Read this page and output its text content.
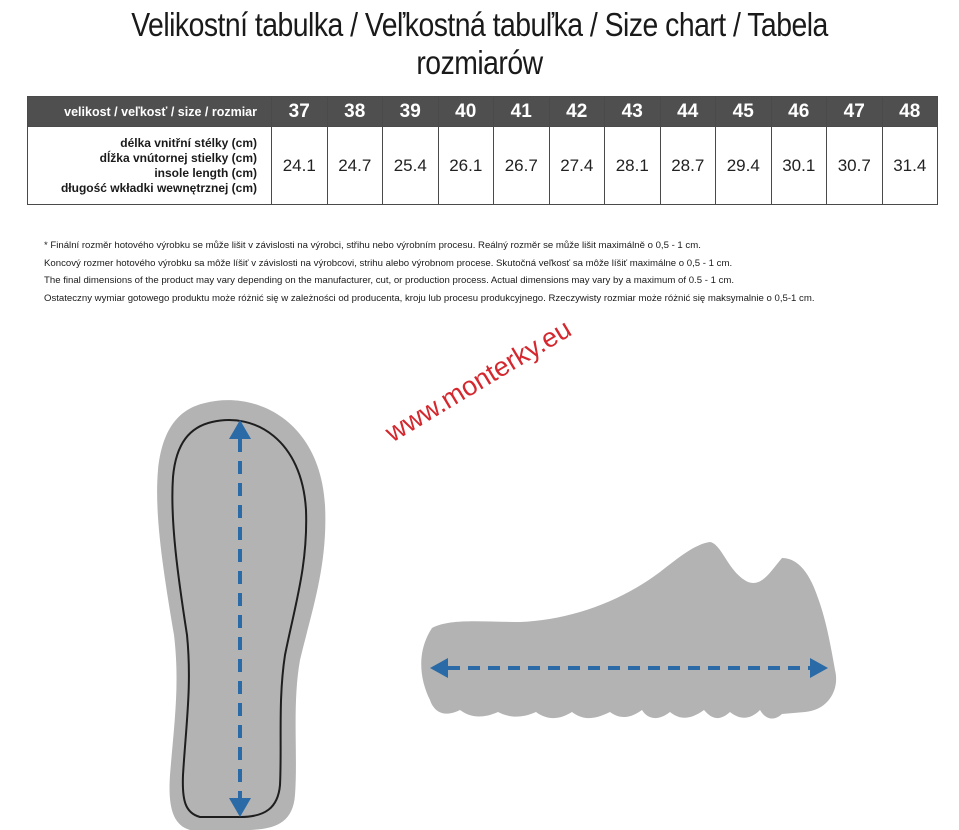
Velikostní tabulka / Veľkostná tabuľka / Size chart / Tabela rozmiarów
velikost / veľkosť / size / rozmiar	37	38	39	40	41	42	43	44	45	46	47	48

délka vnitřní stélky (cm)
dĺžka vnútornej stielky (cm)
insole length (cm)
długość wkładki wewnętrznej (cm)	24.1	24.7	25.4	26.1	26.7	27.4	28.1	28.7	29.4	30.1	30.7	31.4
* Finální rozměr hotového výrobku se může lišit v závislosti na výrobci, střihu nebo výrobním procesu. Reálný rozměr se může lišit maximálně o 0,5 - 1 cm.
Koncový rozmer hotového výrobku sa môže líšiť v závislosti na výrobcovi, strihu alebo výrobnom procese. Skutočná veľkosť sa môže líšiť maximálne o 0,5 - 1 cm.
The final dimensions of the product may vary depending on the manufacturer, cut, or production process. Actual dimensions may vary by a maximum of 0.5 - 1 cm.
Ostateczny wymiar gotowego produktu może różnić się w zależności od producenta, kroju lub procesu produkcyjnego. Rzeczywisty rozmiar może różnić się maksymalnie o 0,5-1 cm.
www.monterky.eu
